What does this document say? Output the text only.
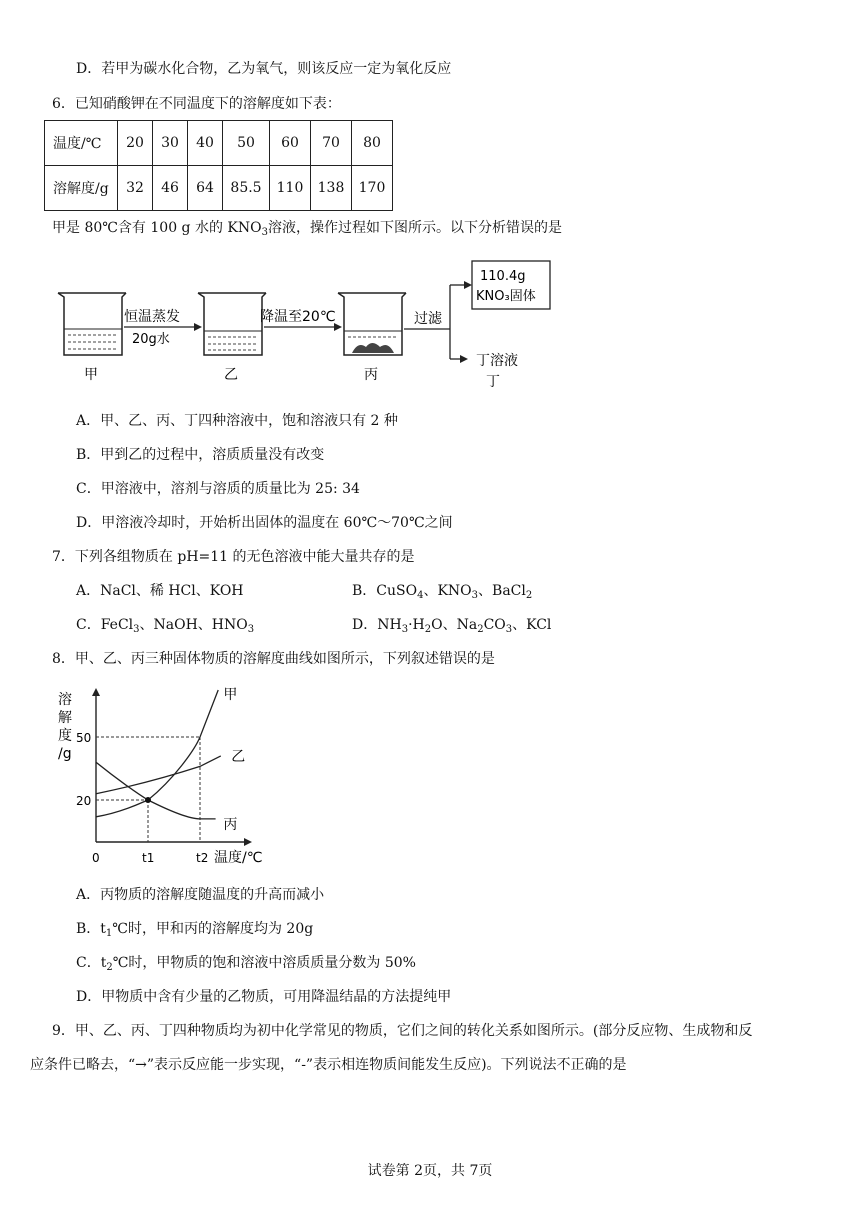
D．若甲为碳水化合物，乙为氧气，则该反应一定为氧化反应
6．已知硝酸钾在不同温度下的溶解度如下表：
温度/℃	20	30	40	50	60	70	80
溶解度/g	32	46	64	85.5	110	138	170
甲是 80℃含有 100 g 水的 $KNO_3$溶液，操作过程如下图所示。以下分析错误的是
甲	乙	丙
恒温蒸发
20g水
降温至20℃	过滤
110.4g
KNO₃固体
丁溶液
丁
A．甲、乙、丙、丁四种溶液中，饱和溶液只有 2 种
B．甲到乙的过程中，溶质质量没有改变
C．甲溶液中，溶剂与溶质的质量比为 25: 34
D．甲溶液冷却时，开始析出固体的温度在 60℃～70℃之间
7．下列各组物质在 pH=11 的无色溶液中能大量共存的是
A．NaCl、稀 HCl、KOH	B．CuSO$_4$、$KNO_3$、BaCl$_2$
C．FeCl$_3$、NaOH、$HNO_3$	D．$NH_3\cdot H_2O$、$Na_2CO_3$、KCl
8．甲、乙、丙三种固体物质的溶解度曲线如图所示，下列叙述错误的是
溶
解
度
/g
温度/℃
0	t1	t2
20
50
甲
乙
丙
A．丙物质的溶解度随温度的升高而减小
B．$t_1℃$时，甲和丙的溶解度均为 20g
C．$t_2℃$时，甲物质的饱和溶液中溶质质量分数为 50%
D．甲物质中含有少量的乙物质，可用降温结晶的方法提纯甲
9．甲、乙、丙、丁四种物质均为初中化学常见的物质，它们之间的转化关系如图所示。(部分反应物、生成物和反
应条件已略去，“→”表示反应能一步实现，“-”表示相连物质间能发生反应)。下列说法不正确的是
试卷第 2页，共 7页
